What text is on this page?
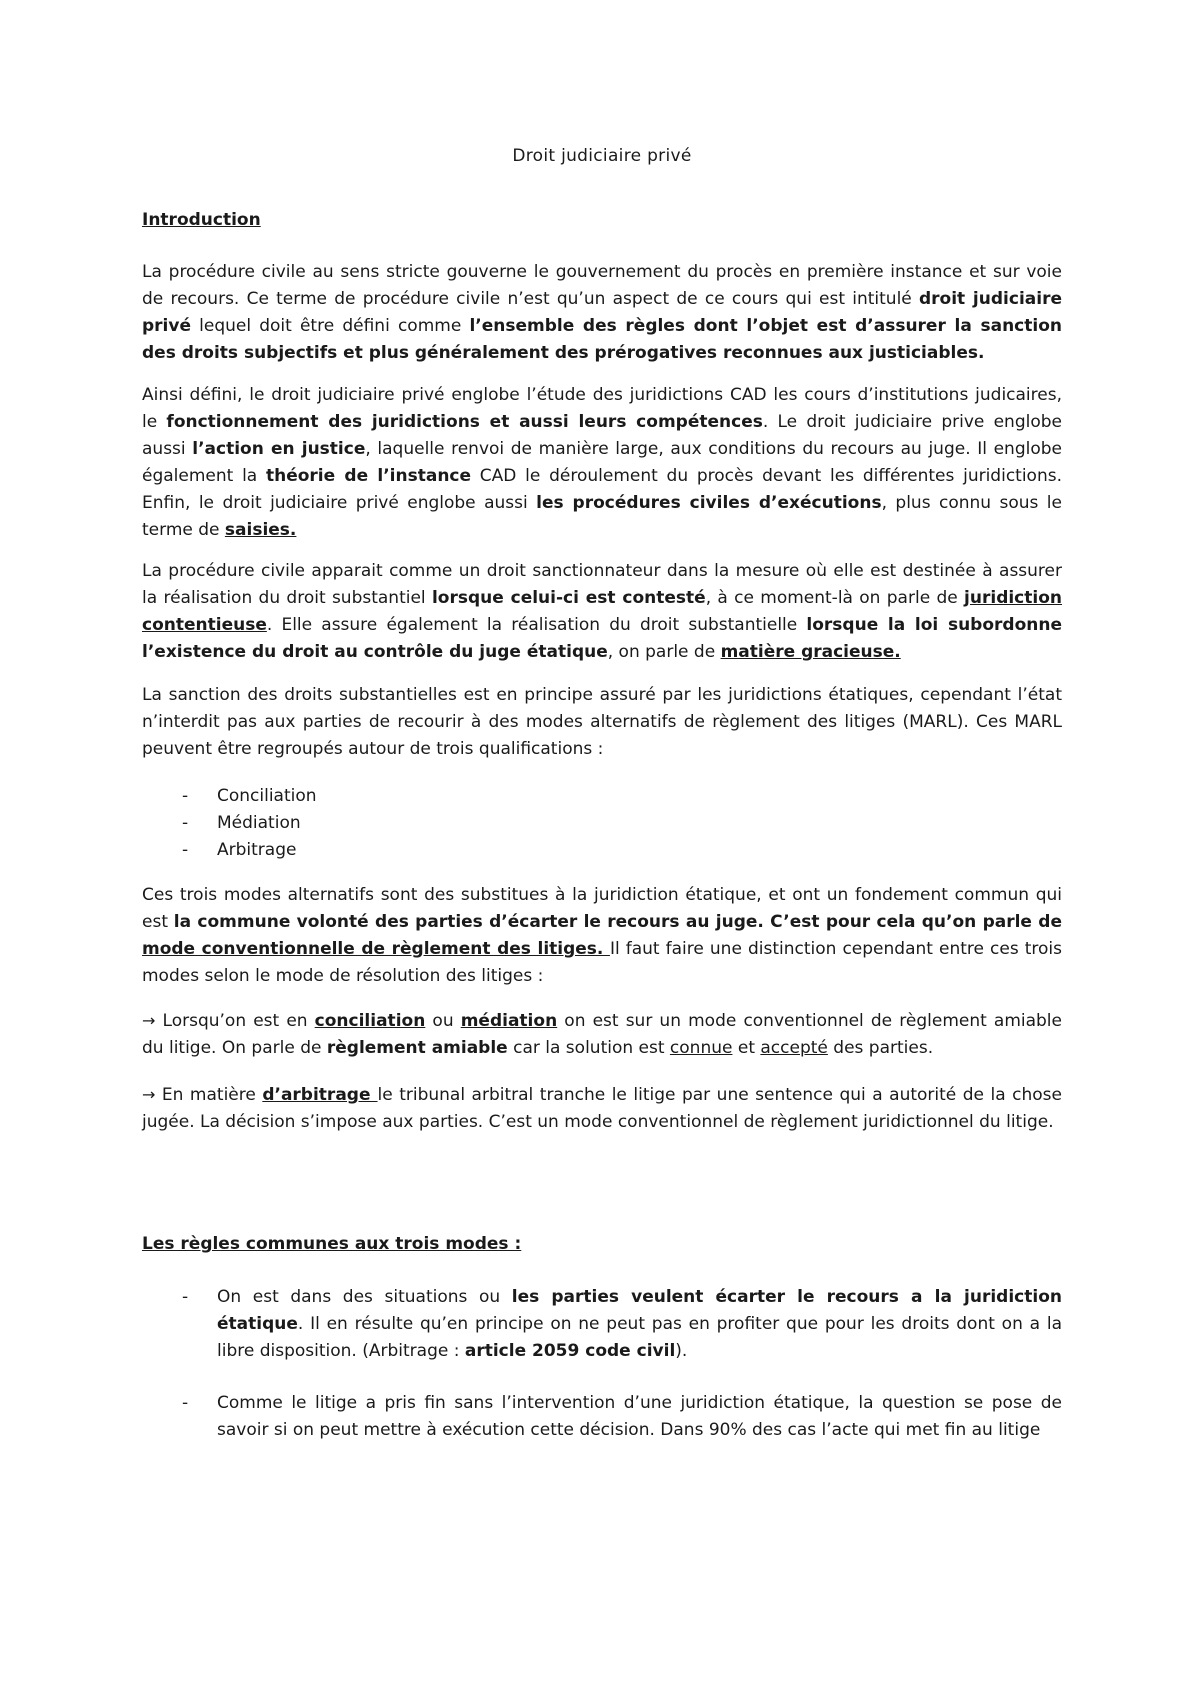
Droit judiciaire privé
Introduction
La procédure civile au sens stricte gouverne le gouvernement du procès en première instance et sur voie de recours. Ce terme de procédure civile n’est qu’un aspect de ce cours qui est intitulé droit judiciaire privé lequel doit être défini comme l’ensemble des règles dont l’objet est d’assurer la sanction des droits subjectifs et plus généralement des prérogatives reconnues aux justiciables.
Ainsi défini, le droit judiciaire privé englobe l’étude des juridictions CAD les cours d’institutions judicaires, le fonctionnement des juridictions et aussi leurs compétences. Le droit judiciaire prive englobe aussi l’action en justice, laquelle renvoi de manière large, aux conditions du recours au juge. Il englobe également la théorie de l’instance CAD le déroulement du procès devant les différentes juridictions. Enfin, le droit judiciaire privé englobe aussi les procédures civiles d’exécutions, plus connu sous le terme de saisies.
La procédure civile apparait comme un droit sanctionnateur dans la mesure où elle est destinée à assurer la réalisation du droit substantiel lorsque celui-ci est contesté, à ce moment-là on parle de juridiction contentieuse. Elle assure également la réalisation du droit substantielle lorsque la loi subordonne l’existence du droit au contrôle du juge étatique, on parle de matière gracieuse.
La sanction des droits substantielles est en principe assuré par les juridictions étatiques, cependant l’état n’interdit pas aux parties de recourir à des modes alternatifs de règlement des litiges (MARL). Ces MARL peuvent être regroupés autour de trois qualifications :
- Conciliation
- Médiation
- Arbitrage
Ces trois modes alternatifs sont des substitues à la juridiction étatique, et ont un fondement commun qui est la commune volonté des parties d’écarter le recours au juge. C’est pour cela qu’on parle de mode conventionnelle de règlement des litiges. Il faut faire une distinction cependant entre ces trois modes selon le mode de résolution des litiges :
→ Lorsqu’on est en conciliation ou médiation on est sur un mode conventionnel de règlement amiable du litige. On parle de règlement amiable car la solution est connue et accepté des parties.
→ En matière d’arbitrage le tribunal arbitral tranche le litige par une sentence qui a autorité de la chose jugée. La décision s’impose aux parties. C’est un mode conventionnel de règlement juridictionnel du litige.
Les règles communes aux trois modes :
- On est dans des situations ou les parties veulent écarter le recours a la juridiction étatique. Il en résulte qu’en principe on ne peut pas en profiter que pour les droits dont on a la libre disposition. (Arbitrage : article 2059 code civil).
- Comme le litige a pris fin sans l’intervention d’une juridiction étatique, la question se pose de savoir si on peut mettre à exécution cette décision. Dans 90% des cas l’acte qui met fin au litige
